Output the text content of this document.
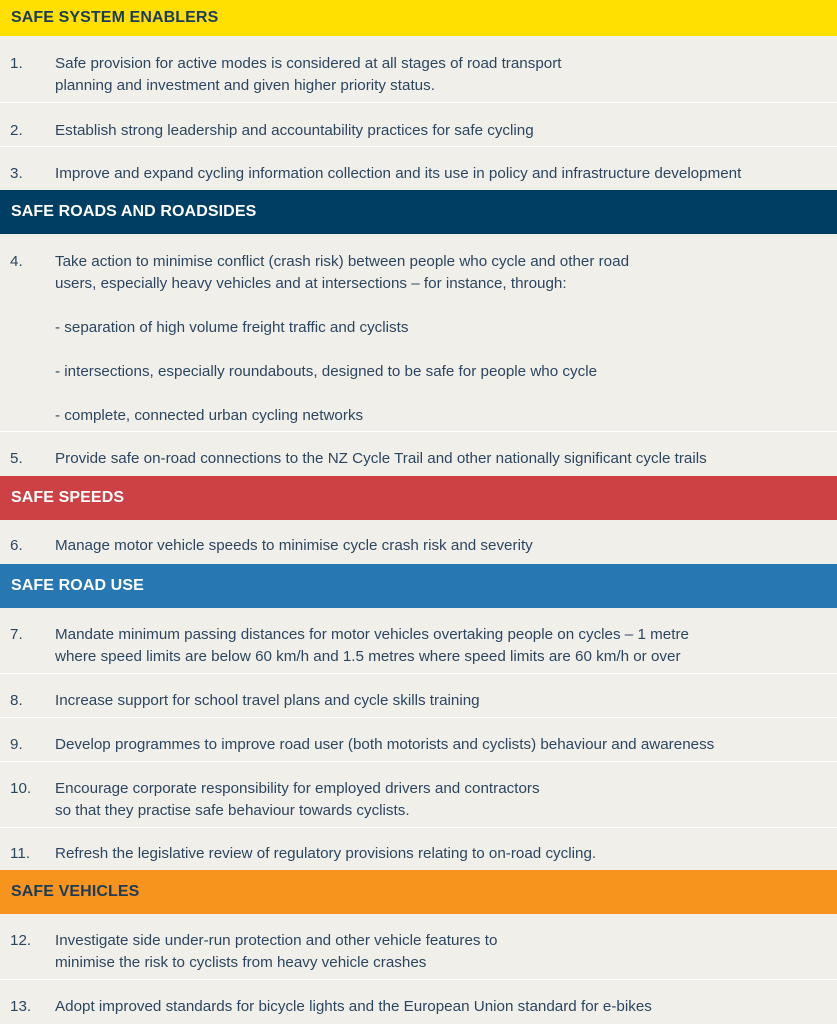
SAFE SYSTEM ENABLERS
1.	Safe provision for active modes is considered at all stages of road transport
planning and investment and given higher priority status.
2.	Establish strong leadership and accountability practices for safe cycling
3.	Improve and expand cycling information collection and its use in policy and infrastructure development
SAFE ROADS AND ROADSIDES
4.	Take action to minimise conflict (crash risk) between people who cycle and other road
users, especially heavy vehicles and at intersections – for instance, through:
- separation of high volume freight traffic and cyclists
- intersections, especially roundabouts, designed to be safe for people who cycle
- complete, connected urban cycling networks
5.	Provide safe on-road connections to the NZ Cycle Trail and other nationally significant cycle trails
SAFE SPEEDS
6.	Manage motor vehicle speeds to minimise cycle crash risk and severity
SAFE ROAD USE
7.	Mandate minimum passing distances for motor vehicles overtaking people on cycles – 1 metre
where speed limits are below 60 km/h and 1.5 metres where speed limits are 60 km/h or over
8.	Increase support for school travel plans and cycle skills training
9.	Develop programmes to improve road user (both motorists and cyclists) behaviour and awareness
10.	Encourage corporate responsibility for employed drivers and contractors
so that they practise safe behaviour towards cyclists.
11.	Refresh the legislative review of regulatory provisions relating to on-road cycling.
SAFE VEHICLES
12.	Investigate side under-run protection and other vehicle features to
minimise the risk to cyclists from heavy vehicle crashes
13.	Adopt improved standards for bicycle lights and the European Union standard for e-bikes
